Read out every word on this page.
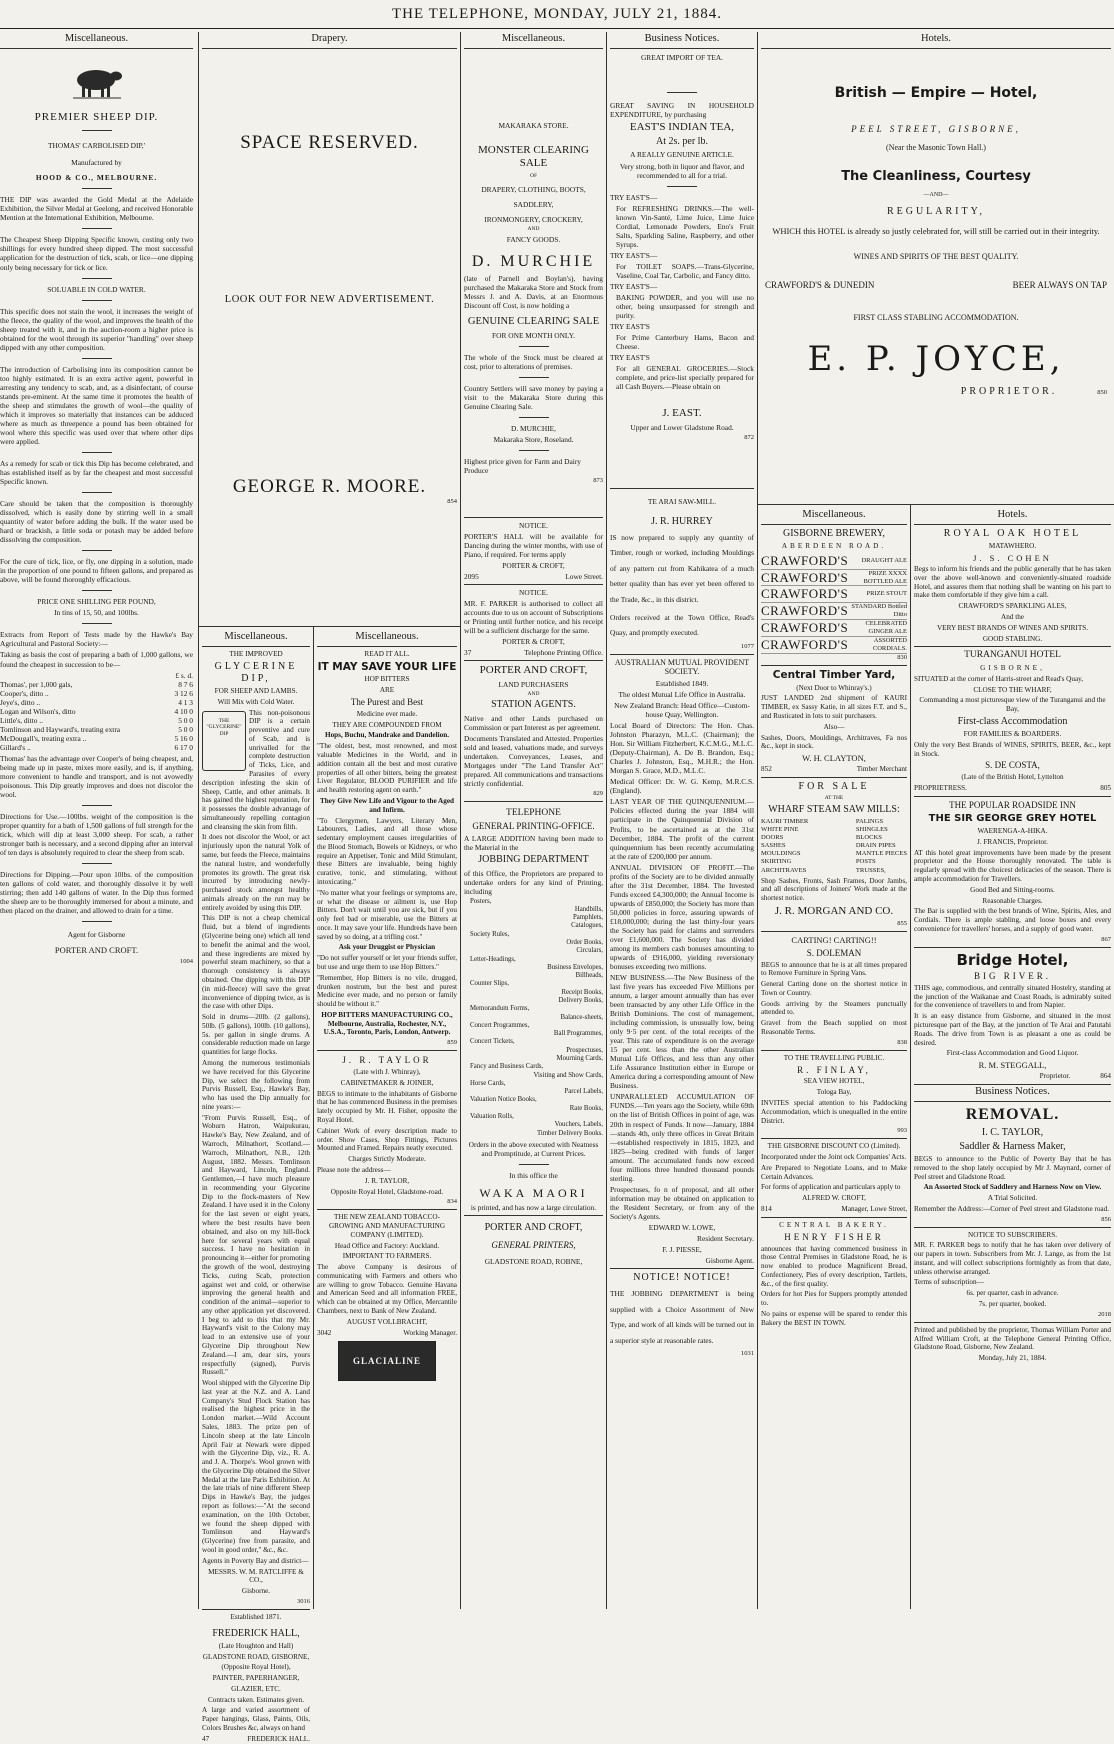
THE TELEPHONE, MONDAY, JULY 21, 1884.
Miscellaneous.
PREMIER SHEEP DIP.

THOMAS' CARBOLISED DIP,'

Manufactured by

HOOD & CO., MELBOURNE.

THE DIP was awarded the Gold Medal at the Adelaide Exhibition, the Silver Medal at Geelong, and received Honorable Mention at the International Exhibition, Melbourne.

The Cheapest Sheep Dipping Specific known, costing only two shillings for every hundred sheep dipped. The most successful application for the destruction of tick, scab, or lice—one dipping only being necessary for tick or lice.

SOLUABLE IN COLD WATER.

This specific does not stain the wool, it increases the weight of the fleece, the quality of the wool, and improves the health of the sheep treated with it, and in the auction-room a higher price is obtained for the wool through its superior "handling" over sheep dipped with any other composition.

The introduction of Carbolising into its composition cannot be too highly estimated. It is an extra active agent, powerful in arresting any tendency to scab, and, as a disinfectant, of course stands pre-eminent. At the same time it promotes the health of the sheep and stimulates the growth of wool—the quality of which it improves so materially that instances can be adduced where as much as threepence a pound has been obtained for wool where this specific was used over that where other dips were applied.

As a remedy for scab or tick this Dip has become celebrated, and has established itself as by far the cheapest and most successful Specific known.

Care should be taken that the composition is thoroughly dissolved, which is easily done by stirring well in a small quantity of water before adding the bulk. If the water used be hard or brackish, a little soda or potash may be added before dissolving the composition.

For the cure of tick, lice, or fly, one dipping in a solution, made in the proportion of one pound to fifteen gallons, and prepared as above, will be found thoroughly efficacious.

PRICE ONE SHILLING PER POUND,

In tins of 15, 50, and 100lbs.

Extracts from Report of Tests made by the Hawke's Bay Agricultural and Pastoral Society:—

Taking as basis the cost of preparing a bath of 1,000 gallons, we found the cheapest in succession to be—

	£ s. d.
Thomas', per 1,000 gals,	8 7 6
Cooper's, ditto ..	3 12 6
Jeye's, ditto ..	4 1 3
Logan and Wilson's, ditto	4 10 0
Little's, ditto ..	5 0 0
Tomlinson and Hayward's, treating extra	5 0 0
McDougall's, treating extra ..	5 16 0
Gillard's ..	6 17 0

Thomas' has the advantage over Cooper's of being cheapest, and, being made up in paste, mixes more easily, and is, if anything, more convenient to handle and transport, and is not avowedly poisonous. This Dip greatly improves and does not discolor the wool.

Directions for Use.—100lbs. weight of the composition is the proper quantity for a bath of 1,500 gallons of full strength for the tick, which will dip at least 3,000 sheep. For scab, a rather stronger bath is necessary, and a second dipping after an interval of ten days is absolutely required to clear the sheep from scab.

Directions for Dipping.—Pour upon 10lbs. of the composition ten gallons of cold water, and thoroughly dissolve it by well stirring; then add 140 gallons of water. In the Dip thus formed the sheep are to be thoroughly immersed for about a minute, and then placed on the drainer, and allowed to drain for a time.

Agent for Gisborne

PORTER AND CROFT.

1004
Drapery.
SPACE RESERVED.
LOOK OUT FOR NEW ADVERTISEMENT.
GEORGE R. MOORE.
854
Miscellaneous.

THE IMPROVED

GLYCERINE DIP,

FOR SHEEP AND LAMBS.

Will Mix with Cold Water.

THE "GLYCERINE" DIP

This non-poisonous DIP is a certain preventive and cure of Scab, and is unrivalled for the complete destruction of Ticks, Lice, and Parasites of every description infesting the skin of Sheep, Cattle, and other animals. It has gained the highest reputation, for it possesses the double advantage of simultaneously repelling contagion and cleansing the skin from filth.

It does not discolor the Wool, or act injuriously upon the natural Yolk of same, but feeds the Fleece, maintains the natural lustre, and wonderfully promotes its growth. The great risk incurred by introducing newly-purchased stock amongst healthy animals already on the run may be entirely avoided by using this DIP.

This DIP is not a cheap chemical fluid, but a blend of ingredients (Glycerine being one) which all tend to benefit the animal and the wool, and these ingredients are mixed by powerful steam machinery, so that a thorough consistency is always obtained. One dipping with this DIP (in mid-fleece) will save the great inconvenience of dipping twice, as is the case with other Dips.

Sold in drums—20lb. (2 gallons), 50lb. (5 gallons), 100lb. (10 gallons), 5s. per gallon in single drums. A considerable reduction made on large quantities for large flocks.

Among the numerous testimonials we have received for this Glycerine Dip, we select the following from Purvis Russell, Esq., Hawke's Bay, who has used the Dip annually for nine years:—

"From Purvis Russell, Esq., of Woburn Hatron, Waipukurau, Hawke's Bay, New Zealand, and of Warroch, Milnathort, Scotland.—Warroch, Milnathort, N.B., 12th August, 1882. Messrs. Tomlinson and Hayward, Lincoln, England. Gentlemen,—I have much pleasure in recommending your Glycerine Dip to the flock-masters of New Zealand. I have used it in the Colony for the last seven or eight years, where the best results have been obtained, and also on my hill-flock here for several years with equal success. I have no hesitation in pronouncing it—either for promoting the growth of the wool, destroying Ticks, curing Scab, protection against wet and cold, or otherwise improving the general health and condition of the animal—superior to any other application yet discovered. I beg to add to this that my Mr. Hayward's visit to the Colony may lead to an extensive use of your Glycerine Dip throughout New Zealand.—I am, dear sirs, yours respectfully (signed), Purvis Russell."

Wool shipped with the Glycerine Dip last year at the N.Z. and A. Land Company's Stud Flock Station has realised the highest price in the London market.—Wild Account Sales, 1883. The prize pen of Lincoln sheep at the late Lincoln April Fair at Newark were dipped with the Glycerine Dip, viz., R. A. and J. A. Thorpe's. Wool grown with the Glycerine Dip obtained the Silver Medal at the late Paris Exhibition. At the late trials of nine different Sheep Dips in Hawke's Bay, the judges report as follows:—"At the second examination, on the 10th October, we found the sheep dipped with Tomlinson and Hayward's (Glycerine) free from parasite, and wool in good order," &c., &c.

Agents in Poverty Bay and district—

MESSRS. W. M. RATCLIFFE & CO.,

Gisborne.

3016

Established 1871.

FREDERICK HALL,

(Late Houghton and Hall)

GLADSTONE ROAD, GISBORNE,

(Opposite Royal Hotel),

PAINTER, PAPERHANGER,

GLAZIER, ETC.

Contracts taken. Estimates given.

A large and varied assortment of Paper hangings, Glass, Paints, Oils, Colors Brushes &c, always on hand

47	FREDERICK HALL.
Miscellaneous.

READ IT ALL.

IT MAY SAVE YOUR LIFE

HOP BITTERS

ARE

The Purest and Best

Medicine ever made.

THEY ARE COMPOUNDED FROM

Hops, Buchu, Mandrake and Dandelion.

"The oldest, best, most renowned, and most valuable Medicines in the World, and in addition contain all the best and most curative properties of all other bitters, being the greatest Liver Regulator, BLOOD PURIFIER and life and health restoring agent on earth."

They Give New Life and Vigour to the Aged and Infirm.

"To Clergymen, Lawyers, Literary Men, Labourers, Ladies, and all those whose sedentary employment causes irregularities of the Blood Stomach, Bowels or Kidneys, or who require an Appetiser, Tonic and Mild Stimulant, these Bitters are invaluable, being highly curative, tonic, and stimulating, without intoxicating."

"No matter what your feelings or symptoms are, or what the disease or ailment is, use Hop Bitters. Don't wait until you are sick, but if you only feel bad or miserable, use the Bitters at once. It may save your life. Hundreds have been saved by so doing, at a trifling cost."

Ask your Druggist or Physician

"Do not suffer yourself or let your friends suffer, but use and urge them to use Hop Bitters."

"Remember, Hop Bitters is no vile, drugged, drunken nostrum, but the best and purest Medicine ever made, and no person or family should be without it."

HOP BITTERS MANUFACTURING CO., Melbourne, Australia, Rochester, N.Y., U.S.A., Toronto, Paris, London, Antwerp.

859

J. R. TAYLOR

(Late with J. Whinray),

CABINETMAKER & JOINER,

BEGS to intimate to the inhabitants of Gisborne that he has commenced Business in the premises lately occupied by Mr. H. Fisher, opposite the Royal Hotel.

Cabinet Work of every description made to order. Show Cases, Shop Fittings, Pictures Mounted and Framed. Repairs neatly executed.

Charges Strictly Moderate.

Please note the address—

J. R. TAYLOR,

Opposite Royal Hotel, Gladstone-road.

834

THE NEW ZEALAND TOBACCO-GROWING AND MANUFACTURING COMPANY (LIMITED).

Head Office and Factory: Auckland.

IMPORTANT TO FARMERS.

The above Company is desirous of communicating with Farmers and others who are willing to grow Tobacco. Genuine Havana and American Seed and all information FREE, which can be obtained at my Office, Mercantile Chambers, next to Bank of New Zealand.

AUGUST VOLLBRACHT,

3042	Working Manager.
GLACIALINE
Miscellaneous.

MAKARAKA STORE.

MONSTER CLEARING SALE

OF

DRAPERY, CLOTHING, BOOTS,

SADDLERY,

IRONMONGERY, CROCKERY,

AND

FANCY GOODS.

D. MURCHIE

(late of Parnell and Boylan's), having purchased the Makaraka Store and Stock from Messrs J. and A. Davis, at an Enormous Discount off Cost, is now holding a

GENUINE CLEARING SALE

FOR ONE MONTH ONLY.

The whole of the Stock must be cleared at cost, prior to alterations of premises.

Country Settlers will save money by paying a visit to the Makaraka Store during this Genuine Clearing Sale.

D. MURCHIE,

Makaraka Store, Roseland.

Highest price given for Farm and Dairy Produce

873

NOTICE.

PORTER'S HALL will be available for Dancing during the winter months, with use of Piano, if required. For terms apply

PORTER & CROFT,

2095	Lowe Street.

NOTICE.

MR. F. PARKER is authorised to collect all accounts due to us on account of Subscriptions or Printing until further notice, and his receipt will be a sufficient discharge for the same.

PORTER & CROFT,

37	Telephone Printing Office.

PORTER AND CROFT,

LAND PURCHASERS

AND

STATION AGENTS.

Native and other Lands purchased on Commission or part Interest as per agreement.

Documents Translated and Attested. Properties sold and leased, valuations made, and surveys undertaken. Conveyances, Leases, and Mortgages under "The Land Transfer Act" prepared. All communications and transactions strictly confidential.

829

TELEPHONE

GENERAL PRINTING-OFFICE.

A LARGE ADDITION having been made to the Material in the

JOBBING DEPARTMENT

of this Office, the Proprietors are prepared to undertake orders for any kind of Printing, including

Posters,
Handbills,
Pamphlets,
Catalogues,
Society Rules,
Order Books,
Circulars,
Letter-Headings,
Business Envelopes,
Billheads,
Counter Slips,
Receipt Books,
Delivery Books,
Memorandum Forms,
Balance-sheets,
Concert Programmes,
Ball Programmes,
Concert Tickets,
Prospectuses,
Mourning Cards,
Fancy and Business Cards,
Visiting and Show Cards,
Horse Cards,
Parcel Labels,
Valuation Notice Books,
Rate Books,
Valuation Rolls,
Vouchers, Labels,
Timber Delivery Books.

Orders in the above executed with Neatness and Promptitude, at Current Prices.

In this office the

WAKA MAORI

is printed, and has now a large circulation.

PORTER AND CROFT,

GENERAL PRINTERS,

GLADSTONE ROAD, ROBNE,

Business Notices.

GREAT IMPORT OF TEA.

GREAT SAVING IN HOUSEHOLD EXPENDITURE, by purchasing

EAST'S INDIAN TEA,

At 2s. per lb.

A REALLY GENUINE ARTICLE.

Very strong, both in liquor and flavor, and recommended to all for a trial.

TRY EAST'S—

For REFRESHING DRINKS.—The well-known Vin-Santé, Lime Juice, Lime Juice Cordial, Lemonade Powders, Eno's Fruit Salts, Sparkling Saline, Raspberry, and other Syrups.

TRY EAST'S—

For TOILET SOAPS.—Trans-Glycerine, Vaseline, Coal Tar, Carbolic, and Fancy ditto.

TRY EAST'S—

BAKING POWDER, and you will use no other, being unsurpassed for strength and purity.

TRY EAST'S

For Prime Canterbury Hams, Bacon and Cheese.

TRY EAST'S

For all GENERAL GROCERIES.—Stock complete, and price-list specially prepared for all Cash Buyers.—Please obtain on

J. EAST.

Upper and Lower Gladstone Road.

872

TE ARAI SAW-MILL.

J. R. HURREY

IS now prepared to supply any quantity of Timber, rough or worked, including Mouldings of any pattern cut from Kahikatea of a much better quality than has ever yet been offered to the Trade, &c., in this district.

Orders received at the Town Office, Read's Quay, and promptly executed.

1077

AUSTRALIAN MUTUAL PROVIDENT SOCIETY.

Established 1849.

The oldest Mutual Life Office in Australia.

New Zealand Branch: Head Office—Custom-house Quay, Wellington.

Local Board of Directors: The Hon. Chas. Johnston Pharazyn, M.L.C. (Chairman); the Hon. Sir William Fitzherbert, K.C.M.G., M.L.C. (Deputy-Chairman), A. De B. Brandon, Esq.; Charles J. Johnston, Esq., M.H.R.; the Hon. Morgan S. Grace, M.D., M.L.C.

Medical Officer: Dr. W. G. Kemp, M.R.C.S. (England).

LAST YEAR OF THE QUINQUENNIUM.—Policies effected during the year 1884 will participate in the Quinquennial Division of Profits, to be ascertained as at the 31st December, 1884. The profit of the current quinquennium has been recently accumulating at the rate of £200,000 per annum.

ANNUAL DIVISION OF PROFIT.—The profits of the Society are to be divided annually after the 31st December, 1884. The Invested Funds exceed £4,300,000; the Annual Income is upwards of £850,000; the Society has more than 50,000 policies in force, assuring upwards of £18,000,000; during the last thirty-four years the Society has paid for claims and surrenders over £1,600,000. The Society has divided among its members cash bonuses amounting to upwards of £916,000, yielding reversionary bonuses exceeding two millions.

NEW BUSINESS.—The New Business of the last five years has exceeded Five Millions per annum, a larger amount annually than has ever been transacted by any other Life Office in the British Dominions. The cost of management, including commission, is unusually low, being only 9·5 per cent. of the total receipts of the year. This rate of expenditure is on the average 15 per cent. less than the other Australian Mutual Life Offices, and less than any other Life Assurance Institution either in Europe or America during a corresponding amount of New Business.

UNPARALLELED ACCUMULATION OF FUNDS.—Ten years ago the Society, while 69th on the list of British Offices in point of age, was 20th in respect of Funds. It now—January, 1884—stands 4th, only three offices in Great Britain—established respectively in 1815, 1823, and 1825—being credited with funds of larger amount. The accumulated funds now exceed four millions three hundred thousand pounds sterling.

Prospectuses, fo n of proposal, and all other information may be obtained on application to the Resident Secretary, or from any of the Society's Agents.

EDWARD W. LOWE,

Resident Secretary.

F. J. PIESSE,

Gisborne Agent.

NOTICE! NOTICE!

THE JOBBING DEPARTMENT is being supplied with a Choice Assortment of New Type, and work of all kinds will be turned out in a superior style at reasonable rates.

1031
Hotels.

British — Empire — Hotel,

PEEL STREET, GISBORNE,

(Near the Masonic Town Hall.)

The Cleanliness, Courtesy

—AND—

REGULARITY,

WHICH this HOTEL is already so justly celebrated for, will still be carried out in their integrity.

WINES AND SPIRITS OF THE BEST QUALITY.

CRAWFORD'S & DUNEDIN	BEER ALWAYS ON TAP

FIRST CLASS STABLING ACCOMMODATION.

E. P. JOYCE,

PROPRIETOR.	850
Miscellaneous.

GISBORNE BREWERY,

ABERDEEN ROAD.

CRAWFORD'S DRAUGHT ALE
CRAWFORD'S	PRIZE XXXX BOTTLED ALE
CRAWFORD'S	PRIZE STOUT
CRAWFORD'S STANDARD Bottled Ditto
CRAWFORD'S	CELEBRATED GINGER ALE
CRAWFORD'S	ASSORTED CORDIALS.
830

Central Timber Yard,

(Next Door to Whinray's.)

JUST LANDED 2nd shipment of KAURI TIMBER, ex Sassy Katie, in all sizes F.T. and S., and Rusticated in lots to suit purchasers.

Also—

Sashes, Doors, Mouldings, Architraves, Fa nos &c., kept in stock.

W. H. CLAYTON,

852	Timber Merchant

FOR SALE

AT THE

WHARF STEAM SAW MILLS:

KAURI TIMBER
WHITE PINE
DOORS
SASHES
MOULDINGS
SKIRTING
ARCHITRAVES
PALINGS
SHINGLES
BLOCKS
DRAIN PIPES
MANTLE PIECES
POSTS
TRUSSES,

Shop Sashes, Fronts, Sash Frames, Door Jambs, and all descriptions of Joiners' Work made at the shortest notice.

J. R. MORGAN AND CO.

855

CARTING! CARTING!!

S. DOLEMAN

BEGS to announce that he is at all times prepared to Remove Furniture in Spring Vans.

General Carting done on the shortest notice in Town or Country.

Goods arriving by the Steamers punctually attended to.

Gravel from the Beach supplied on most Reasonable Terms.

838

TO THE TRAVELLING PUBLIC.

R. FINLAY,

SEA VIEW HOTEL,

Tologa Bay,

INVITES special attention to his Paddocking Accommodation, which is unequalled in the entire District.

993

THE GISBORNE DISCOUNT CO (Limited).

Incorporated under the Joint ock Companies' Acts.

Are Prepared to Negotiate Loans, and to Make Certain Advances.

For forms of application and particulars apply to

ALFRED W. CROFT,

814	Manager, Lowe Street,

CENTRAL BAKERY.

HENRY FISHER

announces that having commenced business in those Central Premises in Gladstone Road, he is now enabled to produce Magnificent Bread, Confectionery, Pies of every description, Tartlets, &c., of the first quality.

Orders for hot Pies for Suppers promptly attended to.

No pains or expense will be spared to render this Bakery the BEST IN TOWN.

Hotels.

ROYAL OAK HOTEL

MATAWHERO.

J. S. COHEN

Begs to inform his friends and the public generally that he has taken over the above well-known and conveniently-situated roadside Hotel, and assures them that nothing shall be wanting on his part to make them comfortable if they give him a call.

CRAWFORD'S SPARKLING ALES,

And the

VERY BEST BRANDS OF WINES AND SPIRITS.

GOOD STABLING.

TURANGANUI HOTEL

GISBORNE,

SITUATED at the corner of Harris-street and Read's Quay,

CLOSE TO THE WHARF,

Commanding a most picturesque view of the Turanganui and the Bay,

First-class Accommodation

FOR FAMILIES & BOARDERS.

Only the very Best Brands of WINES, SPIRITS, BEER, &c., kept in Stock.

S. DE COSTA,

(Late of the British Hotel, Lyttelton

PROPRIETRESS.	805

THE POPULAR ROADSIDE INN

THE SIR GEORGE GREY HOTEL

WAERENGA-A-HIKA.

J. FRANCIS, Proprietor.

AT this hotel great improvements have been made by the present proprietor and the House thoroughly renovated. The table is regularly spread with the choicest delicacies of the season. There is ample accommodation for Travellers.

Good Bed and Sitting-rooms.

Reasonable Charges.

The Bar is supplied with the best brands of Wine, Spirits, Ales, and Cordials. There is ample stabling, and loose boxes and every convenience for travellers' horses, and a supply of good water.

867

Bridge Hotel,

BIG RIVER.

THIS age, commodious, and centrally situated Hostelry, standing at the junction of the Waikanae and Coast Roads, is admirably suited for the convenience of travellers to and from Napier.

It is an easy distance from Gisborne, and situated in the most picturesque part of the Bay, at the junction of Te Arai and Patutahi Roads. The drive from Town is as pleasant a one as could be desired.

First-class Accommodation and Good Liquor.

R. M. STEGGALL,

Proprietor.	864
Business Notices.

REMOVAL.

I. C. TAYLOR,

Saddler & Harness Maker,

BEGS to announce to the Public of Poverty Bay that he has removed to the shop lately occupied by Mr J. Maynard, corner of Peel street and Gladstone Road.

An Assorted Stock of Saddlery and Harness Now on View.

A Trial Solicited.

Remember the Address:—Corner of Peel street and Gladstone road.

856

NOTICE TO SUBSCRIBERS.

MR. F. PARKER begs to notify that he has taken over delivery of our papers in town. Subscribers from Mr. J. Lange, as from the 1st instant, and will collect subscriptions fortnightly as from that date, unless otherwise arranged.

Terms of subscription—

6s. per quarter, cash in advance.

7s. per quarter, booked.

2018

Printed and published by the proprietor, Thomas William Porter and Alfred William Croft, at the Telephone General Printing Office, Gladstone Road, Gisborne, New Zealand.

Monday, July 21, 1884.
